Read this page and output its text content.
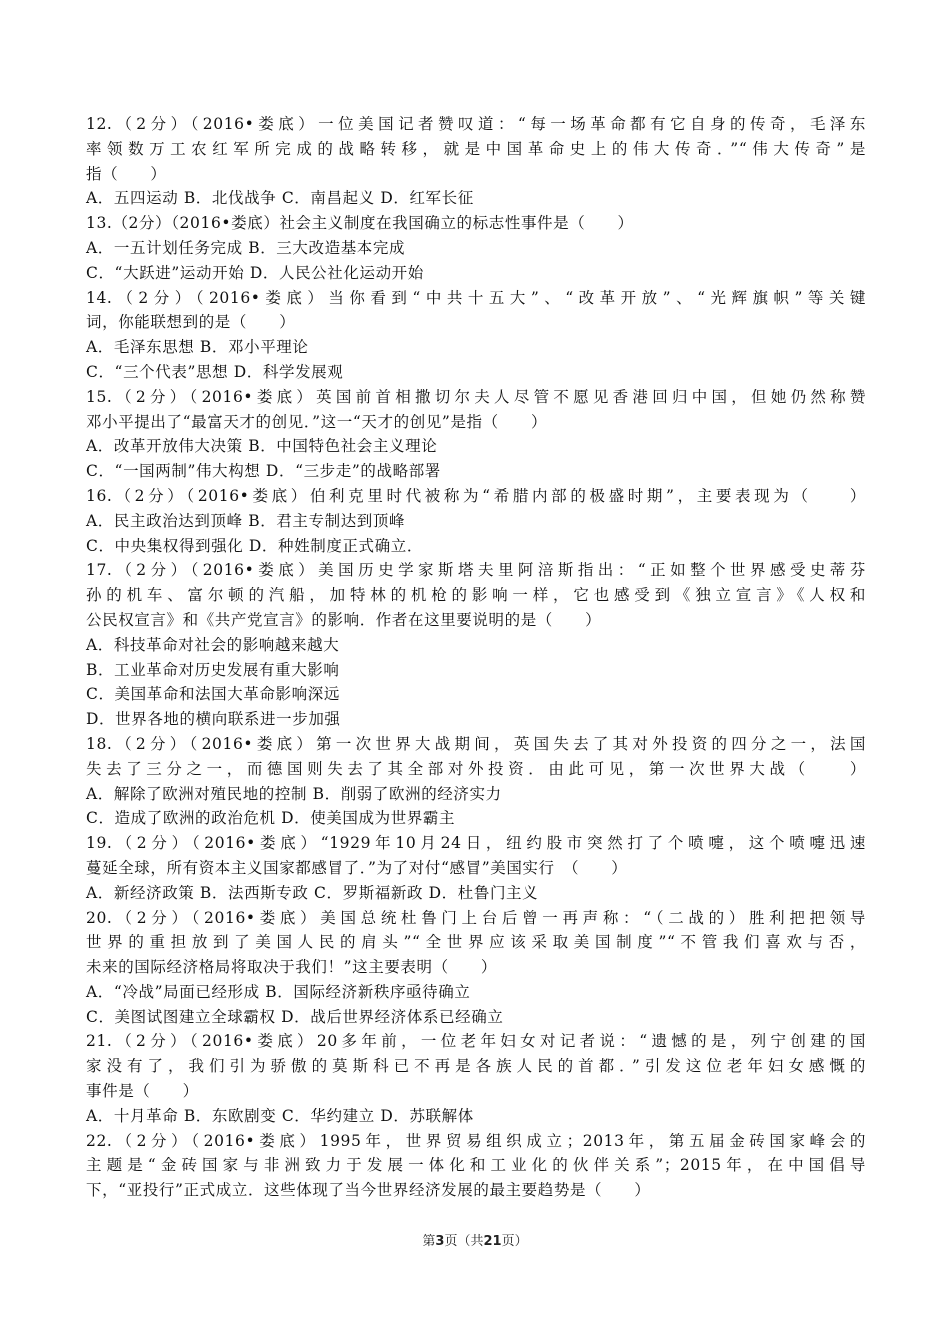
12.（2分）（2016•娄底）一位美国记者赞叹道：“每一场革命都有它自身的传奇，毛泽东
率领数万工农红军所完成的战略转移，就是中国革命史上的伟大传奇．”“伟大传奇”是
指（　　）
A．五四运动 B．北伐战争 C．南昌起义 D．红军长征
13.（2分）（2016•娄底）社会主义制度在我国确立的标志性事件是（　　）
A．一五计划任务完成 B．三大改造基本完成
C．“大跃进”运动开始 D．人民公社化运动开始
14.（2分）（2016•娄底）当你看到“中共十五大”、“改革开放”、“光辉旗帜”等关键
词，你能联想到的是（　　）
A．毛泽东思想 B．邓小平理论
C．“三个代表”思想 D．科学发展观
15.（2分）（2016•娄底）英国前首相撒切尔夫人尽管不愿见香港回归中国，但她仍然称赞
邓小平提出了“最富天才的创见．”这一“天才的创见”是指（　　）
A．改革开放伟大决策 B．中国特色社会主义理论
C．“一国两制”伟大构想 D．“三步走”的战略部署
16.（2分）（2016•娄底）伯利克里时代被称为“希腊内部的极盛时期”，主要表现为（　　）
A．民主政治达到顶峰 B．君主专制达到顶峰
C．中央集权得到强化 D．种姓制度正式确立．
17.（2分）（2016•娄底）美国历史学家斯塔夫里阿涪斯指出：“正如整个世界感受史蒂芬
孙的机车、富尔顿的汽船，加特林的机枪的影响一样，它也感受到《独立宣言》《人权和
公民权宣言》和《共产党宣言》的影响．作者在这里要说明的是（　　）
A．科技革命对社会的影响越来越大
B．工业革命对历史发展有重大影响
C．美国革命和法国大革命影响深远
D．世界各地的横向联系进一步加强
18.（2分）（2016•娄底）第一次世界大战期间，英国失去了其对外投资的四分之一，法国
失去了三分之一，而德国则失去了其全部对外投资．由此可见，第一次世界大战（　　）
A．解除了欧洲对殖民地的控制 B．削弱了欧洲的经济实力
C．造成了欧洲的政治危机 D．使美国成为世界霸主
19.（2分）（2016•娄底）“1929年10月24日，纽约股市突然打了个喷嚏，这个喷嚏迅速
蔓延全球，所有资本主义国家都感冒了．”为了对付“感冒”美国实行　（　　）
A．新经济政策 B．法西斯专政 C．罗斯福新政 D．杜鲁门主义
20.（2分）（2016•娄底）美国总统杜鲁门上台后曾一再声称：“（二战的）胜利把把领导
世界的重担放到了美国人民的肩头”“全世界应该采取美国制度”“不管我们喜欢与否，
未来的国际经济格局将取决于我们！”这主要表明（　　）
A．“冷战”局面已经形成 B．国际经济新秩序亟待确立
C．美图试图建立全球霸权 D．战后世界经济体系已经确立
21.（2分）（2016•娄底）20多年前，一位老年妇女对记者说：“遗憾的是，列宁创建的国
家没有了，我们引为骄傲的莫斯科已不再是各族人民的首都．”引发这位老年妇女感慨的
事件是（　　）
A．十月革命 B．东欧剧变 C．华约建立 D．苏联解体
22.（2分）（2016•娄底）1995年，世界贸易组织成立；2013年，第五届金砖国家峰会的
主题是“金砖国家与非洲致力于发展一体化和工业化的伙伴关系”；2015年，在中国倡导
下，“亚投行”正式成立．这些体现了当今世界经济发展的最主要趋势是（　　）
第3页（共21页）
